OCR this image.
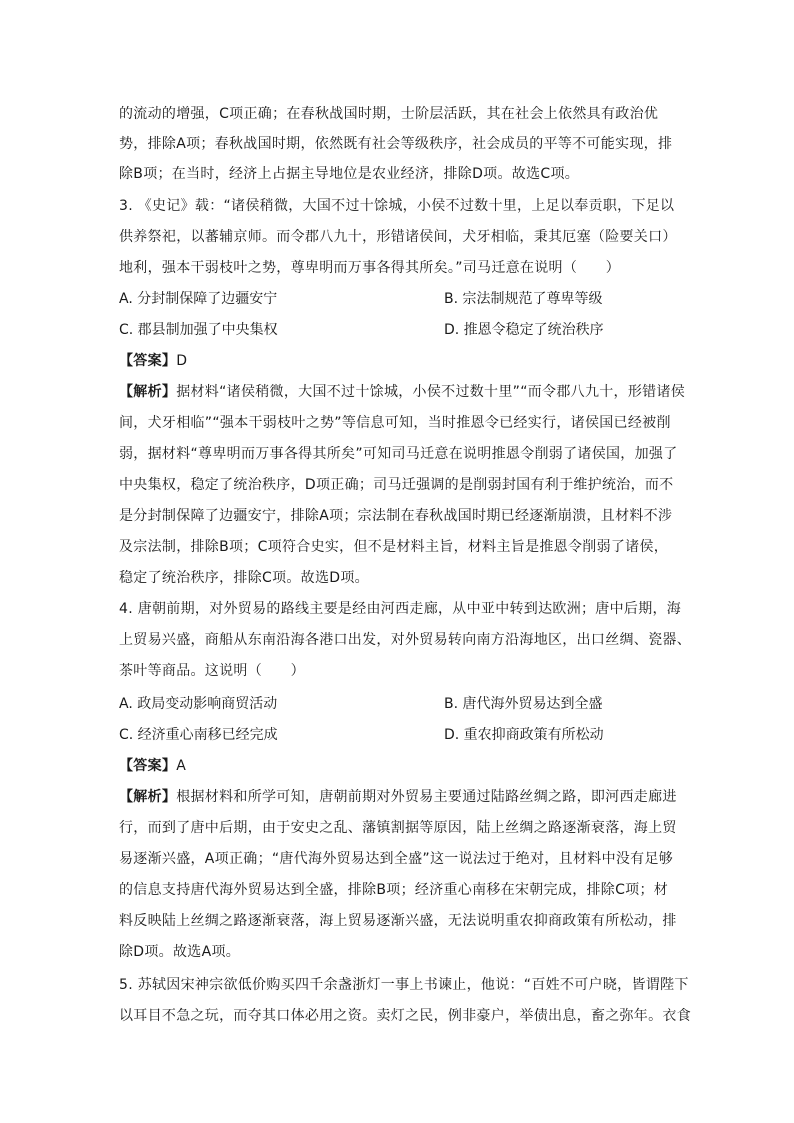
的流动的增强，C项正确；在春秋战国时期，士阶层活跃，其在社会上依然具有政治优
势，排除A项；春秋战国时期，依然既有社会等级秩序，社会成员的平等不可能实现，排
除B项；在当时，经济上占据主导地位是农业经济，排除D项。故选C项。
3. 《史记》载：“诸侯稍微，大国不过十馀城，小侯不过数十里，上足以奉贡职，下足以
供养祭祀，以蕃辅京师。而令郡八九十，形错诸侯间，犬牙相临，秉其厄塞（险要关口）
地利，强本干弱枝叶之势，尊卑明而万事各得其所矣。”司马迁意在说明（　　）
A. 分封制保障了边疆安宁	B. 宗法制规范了尊卑等级
C. 郡县制加强了中央集权	D. 推恩令稳定了统治秩序
【答案】D
【解析】据材料“诸侯稍微，大国不过十馀城，小侯不过数十里”“而令郡八九十，形错诸侯
间，犬牙相临”“强本干弱枝叶之势”等信息可知，当时推恩令已经实行，诸侯国已经被削
弱，据材料“尊卑明而万事各得其所矣”可知司马迁意在说明推恩令削弱了诸侯国，加强了
中央集权，稳定了统治秩序，D项正确；司马迁强调的是削弱封国有利于维护统治，而不
是分封制保障了边疆安宁，排除A项；宗法制在春秋战国时期已经逐渐崩溃，且材料不涉
及宗法制，排除B项；C项符合史实，但不是材料主旨，材料主旨是推恩令削弱了诸侯，
稳定了统治秩序，排除C项。故选D项。
4. 唐朝前期，对外贸易的路线主要是经由河西走廊，从中亚中转到达欧洲；唐中后期，海
上贸易兴盛，商船从东南沿海各港口出发，对外贸易转向南方沿海地区，出口丝绸、瓷器、
茶叶等商品。这说明（　　）
A. 政局变动影响商贸活动	B. 唐代海外贸易达到全盛
C. 经济重心南移已经完成	D. 重农抑商政策有所松动
【答案】A
【解析】根据材料和所学可知，唐朝前期对外贸易主要通过陆路丝绸之路，即河西走廊进
行，而到了唐中后期，由于安史之乱、藩镇割据等原因，陆上丝绸之路逐渐衰落，海上贸
易逐渐兴盛，A项正确；“唐代海外贸易达到全盛”这一说法过于绝对，且材料中没有足够
的信息支持唐代海外贸易达到全盛，排除B项；经济重心南移在宋朝完成，排除C项；材
料反映陆上丝绸之路逐渐衰落，海上贸易逐渐兴盛，无法说明重农抑商政策有所松动，排
除D项。故选A项。
5. 苏轼因宋神宗欲低价购买四千余盏浙灯一事上书谏止，他说：“百姓不可户晓，皆谓陛下
以耳目不急之玩，而夺其口体必用之资。卖灯之民，例非豪户，举债出息，畜之弥年。衣食
